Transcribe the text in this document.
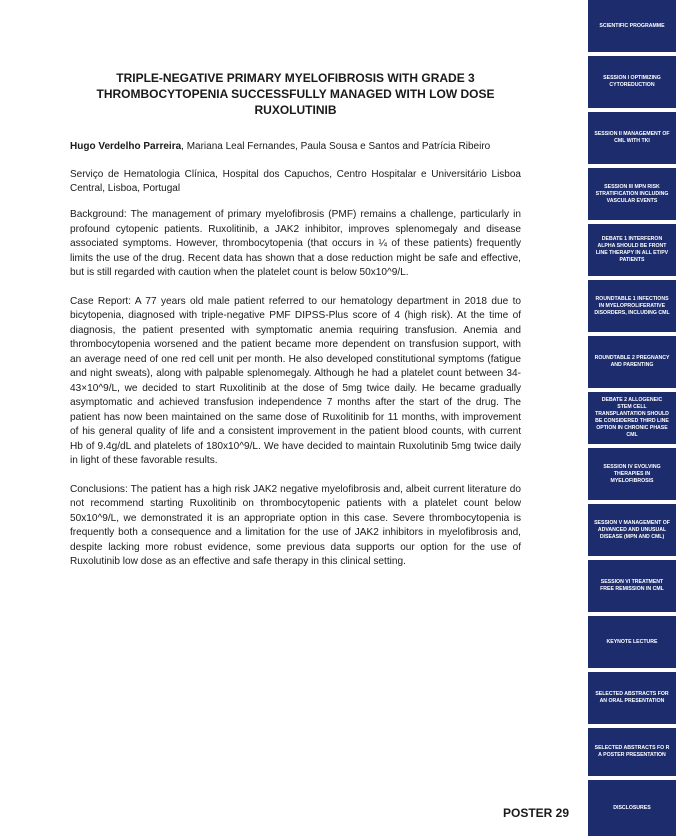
TRIPLE-NEGATIVE PRIMARY MYELOFIBROSIS WITH GRADE 3 THROMBOCYTOPENIA SUCCESSFULLY MANAGED WITH LOW DOSE RUXOLUTINIB
Hugo Verdelho Parreira, Mariana Leal Fernandes, Paula Sousa e Santos and Patrícia Ribeiro
Serviço de Hematologia Clínica, Hospital dos Capuchos, Centro Hospitalar e Universitário Lisboa Central, Lisboa, Portugal
Background: The management of primary myelofibrosis (PMF) remains a challenge, particularly in profound cytopenic patients. Ruxolitinib, a JAK2 inhibitor, improves splenomegaly and disease associated symptoms. However, thrombocytopenia (that occurs in ¼ of these patients) frequently limits the use of the drug. Recent data has shown that a dose reduction might be safe and effective, but is still regarded with caution when the platelet count is below 50x10^9/L.
Case Report: A 77 years old male patient referred to our hematology department in 2018 due to bicytopenia, diagnosed with triple-negative PMF DIPSS-Plus score of 4 (high risk). At the time of diagnosis, the patient presented with symptomatic anemia requiring transfusion. Anemia and thrombocytopenia worsened and the patient became more dependent on transfusion support, with an average need of one red cell unit per month. He also developed constitutional symptoms (fatigue and night sweats), along with palpable splenomegaly. Although he had a platelet count between 34-43×10^9/L, we decided to start Ruxolitinib at the dose of 5mg twice daily. He became gradually asymptomatic and achieved transfusion independence 7 months after the start of the drug. The patient has now been maintained on the same dose of Ruxolitinib for 11 months, with improvement of his general quality of life and a consistent improvement in the patient blood counts, with current Hb of 9.4g/dL and platelets of 180x10^9/L. We have decided to maintain Ruxolutinib 5mg twice daily in light of these favorable results.
Conclusions: The patient has a high risk JAK2 negative myelofibrosis and, albeit current literature do not recommend starting Ruxolitinib on thrombocytopenic patients with a platelet count below 50x10^9/L, we demonstrated it is an appropriate option in this case. Severe thrombocytopenia is frequently both a consequence and a limitation for the use of JAK2 inhibitors in myelofibrosis and, despite lacking more robust evidence, some previous data supports our option for the use of Ruxolutinib low dose as an effective and safe therapy in this clinical setting.
POSTER 29
SCIENTIFIC PROGRAMME
SESSION I OPTIMIZING CYTOREDUCTION
SESSION II MANAGEMENT OF CML WITH TKI
SESSION III MPN RISK STRATIFICATION INCLUDING VASCULAR EVENTS
DEBATE 1 INTERFERON ALPHA SHOULD BE FRONT LINE THERAPY IN ALL ET/PV PATIENTS
ROUNDTABLE 1 INFECTIONS IN MYELOPROLIFERATIVE DISORDERS, INCLUDING CML
ROUNDTABLE 2 PREGNANCY AND PARENTING
DEBATE 2 ALLOGENEIC STEM CELL TRANSPLANTATION SHOULD BE CONSIDERED THIRD LINE OPTION IN CHRONIC PHASE CML
SESSION IV EVOLVING THERAPIES IN MYELOFIBROSIS
SESSION V MANAGEMENT OF ADVANCED AND UNUSUAL DISEASE (MPN AND CML)
SESSION VI TREATMENT FREE REMISSION IN CML
KEYNOTE LECTURE
SELECTED ABSTRACTS FOR AN ORAL PRESENTATION
SELECTED ABSTRACTS FO R A POSTER PRESENTATION
DISCLOSURES
